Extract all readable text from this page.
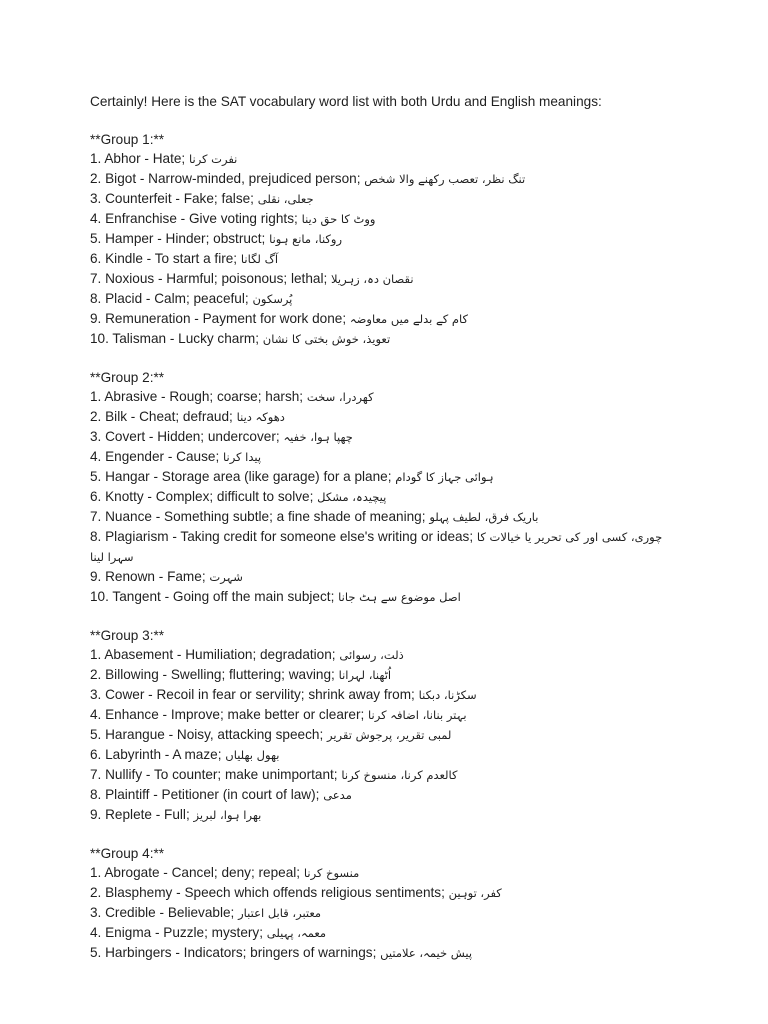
Certainly! Here is the SAT vocabulary word list with both Urdu and English meanings:
**Group 1:**
1. Abhor - Hate; نفرت کرنا
2. Bigot - Narrow-minded, prejudiced person; تنگ نظر، تعصب رکھنے والا شخص
3. Counterfeit - Fake; false; جعلی، نقلی
4. Enfranchise - Give voting rights; ووٹ کا حق دینا
5. Hamper - Hinder; obstruct; روکنا، مانع ہونا
6. Kindle - To start a fire; آگ لگانا
7. Noxious - Harmful; poisonous; lethal; نقصان دہ، زہریلا
8. Placid - Calm; peaceful; پُرسکون
9. Remuneration - Payment for work done; کام کے بدلے میں معاوضہ
10. Talisman - Lucky charm; تعویذ، خوش بختی کا نشان
**Group 2:**
1. Abrasive - Rough; coarse; harsh; کھردرا، سخت
2. Bilk - Cheat; defraud; دھوکہ دینا
3. Covert - Hidden; undercover; چھپا ہوا، خفیہ
4. Engender - Cause; پیدا کرنا
5. Hangar - Storage area (like garage) for a plane; ہوائی جہاز کا گودام
6. Knotty - Complex; difficult to solve; پیچیدہ، مشکل
7. Nuance - Something subtle; a fine shade of meaning; باریک فرق، لطیف پہلو
8. Plagiarism - Taking credit for someone else's writing or ideas; چوری، کسی اور کی تحریر یا خیالات کا سہرا لینا
9. Renown - Fame; شہرت
10. Tangent - Going off the main subject; اصل موضوع سے ہٹ جانا
**Group 3:**
1. Abasement - Humiliation; degradation; ذلت، رسوائی
2. Billowing - Swelling; fluttering; waving; اُٹھنا، لہرانا
3. Cower - Recoil in fear or servility; shrink away from; سکڑنا، دبکنا
4. Enhance - Improve; make better or clearer; بہتر بنانا، اضافہ کرنا
5. Harangue - Noisy, attacking speech; لمبی تقریر، پرجوش تقریر
6. Labyrinth - A maze; بھول بھلیاں
7. Nullify - To counter; make unimportant; کالعدم کرنا، منسوخ کرنا
8. Plaintiff - Petitioner (in court of law); مدعی
9. Replete - Full; بھرا ہوا، لبریز
**Group 4:**
1. Abrogate - Cancel; deny; repeal; منسوخ کرنا
2. Blasphemy - Speech which offends religious sentiments; کفر، توہین
3. Credible - Believable; معتبر، قابل اعتبار
4. Enigma - Puzzle; mystery; معمہ، پہیلی
5. Harbingers - Indicators; bringers of warnings; پیش خیمہ، علامتیں
